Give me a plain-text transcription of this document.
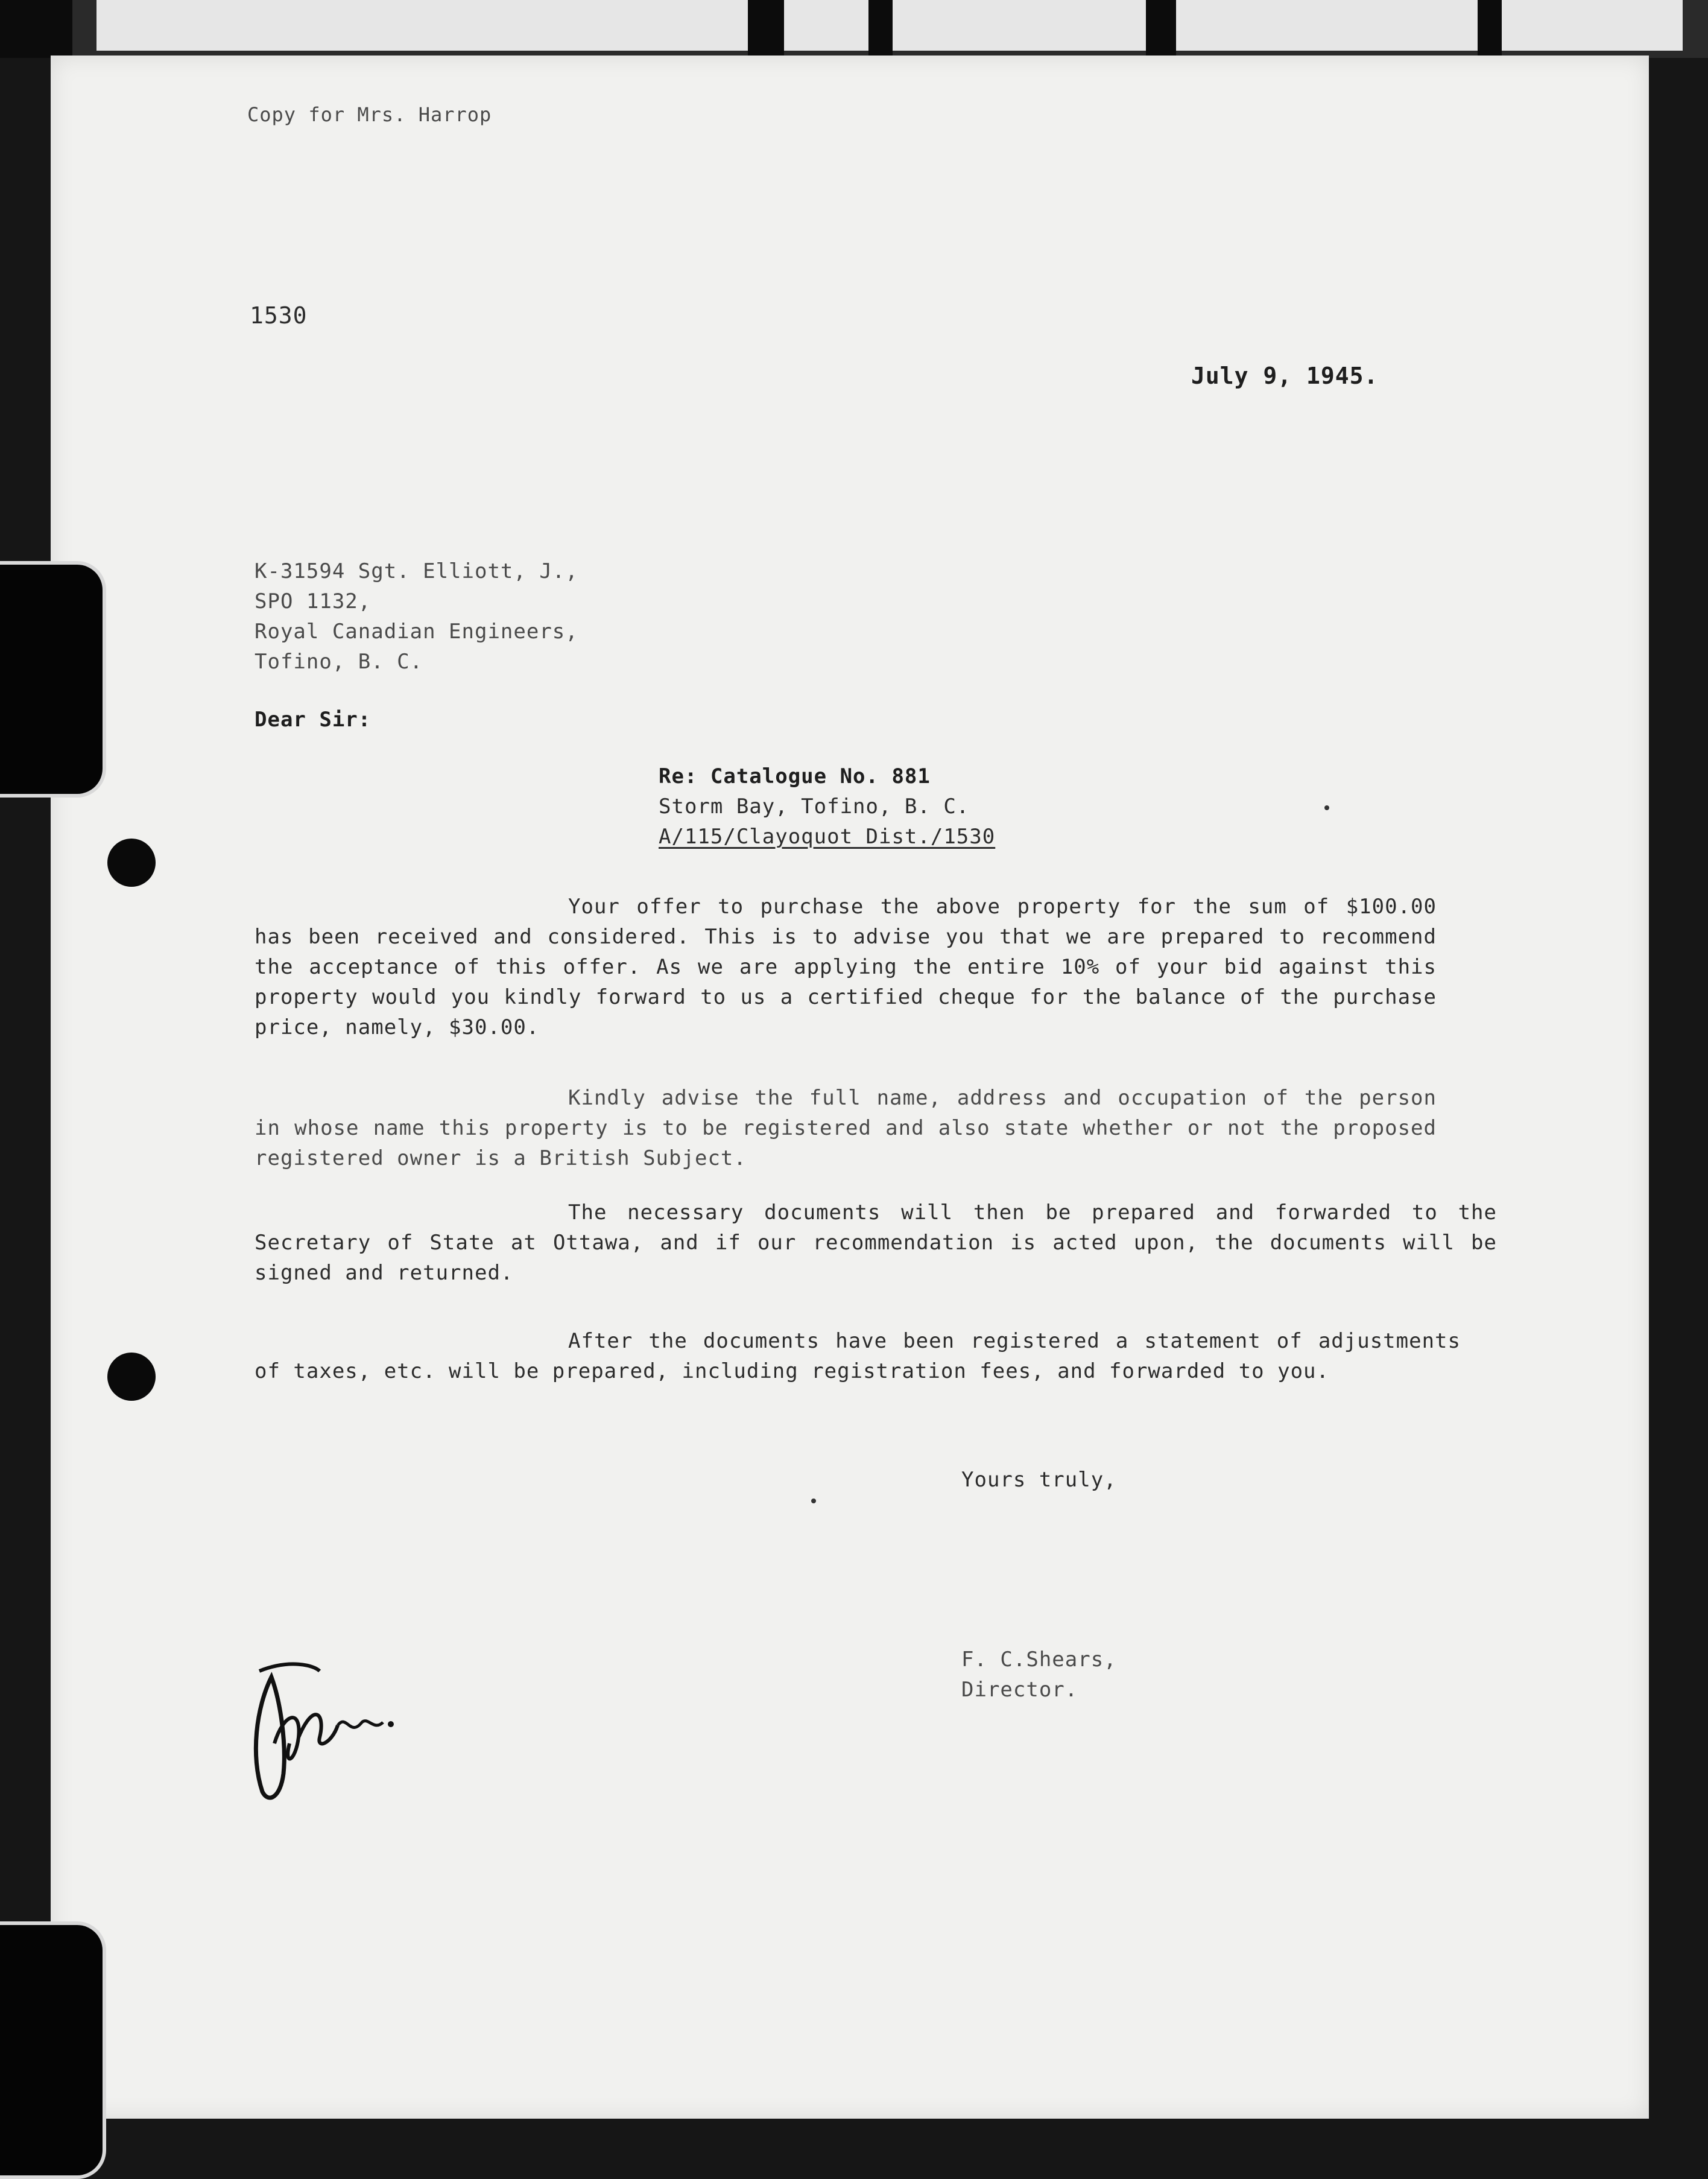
Copy for Mrs. Harrop
1530
July 9, 1945.
K-31594 Sgt. Elliott, J.,
SPO 1132,
Royal Canadian Engineers,
Tofino, B. C.
Dear Sir:
Re: Catalogue No. 881
Storm Bay, Tofino, B. C.
A/115/Clayoquot Dist./1530
Your offer to purchase the above property for the sum of $100.00 has been received and considered. This is to advise you that we are prepared to recommend the acceptance of this offer. As we are applying the entire 10% of your bid against this property would you kindly forward to us a certified cheque for the balance of the purchase price, namely, $30.00.
Kindly advise the full name, address and occupation of the person in whose name this property is to be registered and also state whether or not the proposed registered owner is a British Subject.
The necessary documents will then be prepared and forwarded to the Secretary of State at Ottawa, and if our recommendation is acted upon, the documents will be signed and returned.
After the documents have been registered a statement of adjustments of taxes, etc. will be prepared, including registration fees, and forwarded to you.
Yours truly,
F. C.Shears,
Director.
